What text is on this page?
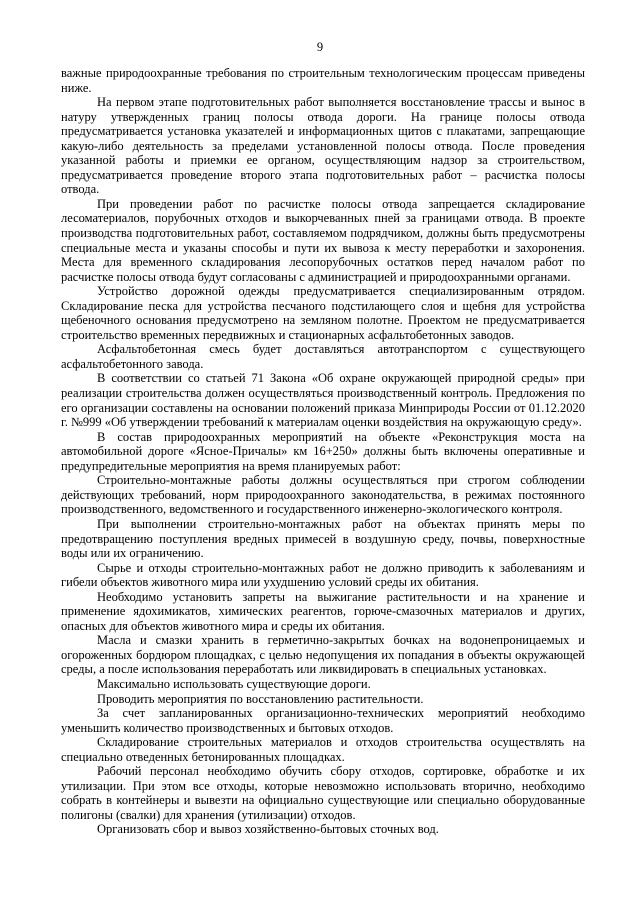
9

важные природоохранные требования по строительным технологическим процессам приведены ниже.

На первом этапе подготовительных работ выполняется восстановление трассы и вынос в натуру утвержденных границ полосы отвода дороги. На границе полосы отвода предусматривается установка указателей и информационных щитов с плакатами, запрещающие какую-либо деятельность за пределами установленной полосы отвода. После проведения указанной работы и приемки ее органом, осуществляющим надзор за строительством, предусматривается проведение второго этапа подготовительных работ – расчистка полосы отвода.

При проведении работ по расчистке полосы отвода запрещается складирование лесоматериалов, порубочных отходов и выкорчеванных пней за границами отвода. В проекте производства подготовительных работ, составляемом подрядчиком, должны быть предусмотрены специальные места и указаны способы и пути их вывоза к месту переработки и захоронения. Места для временного складирования лесопорубочных остатков перед началом работ по расчистке полосы отвода будут согласованы с администрацией и природоохранными органами.

Устройство дорожной одежды предусматривается специализированным отрядом. Складирование песка для устройства песчаного подстилающего слоя и щебня для устройства щебеночного основания предусмотрено на земляном полотне. Проектом не предусматривается строительство временных передвижных и стационарных асфальтобетонных заводов.

Асфальтобетонная смесь будет доставляться автотранспортом с существующего асфальтобетонного завода.

В соответствии со статьей 71 Закона «Об охране окружающей природной среды» при реализации строительства должен осуществляться производственный контроль. Предложения по его организации составлены на основании положений приказа Минприроды России от 01.12.2020 г. №999 «Об утверждении требований к материалам оценки воздействия на окружающую среду».

В состав природоохранных мероприятий на объекте «Реконструкция моста на автомобильной дороге «Ясное-Причалы» км 16+250» должны быть включены оперативные и предупредительные мероприятия на время планируемых работ:

Строительно-монтажные работы должны осуществляться при строгом соблюдении действующих требований, норм природоохранного законодательства, в режимах постоянного производственного, ведомственного и государственного инженерно-экологического контроля.

При выполнении строительно-монтажных работ на объектах принять меры по предотвращению поступления вредных примесей в воздушную среду, почвы, поверхностные воды или их ограничению.

Сырье и отходы строительно-монтажных работ не должно приводить к заболеваниям и гибели объектов животного мира или ухудшению условий среды их обитания.

Необходимо установить запреты на выжигание растительности и на хранение и применение ядохимикатов, химических реагентов, горюче-смазочных материалов и других, опасных для объектов животного мира и среды их обитания.

Масла и смазки хранить в герметично-закрытых бочках на водонепроницаемых и огороженных бордюром площадках, с целью недопущения их попадания в объекты окружающей среды, а после использования переработать или ликвидировать в специальных установках.

Максимально использовать существующие дороги.

Проводить мероприятия по восстановлению растительности.

За счет запланированных организационно-технических мероприятий необходимо уменьшить количество производственных и бытовых отходов.

Складирование строительных материалов и отходов строительства осуществлять на специально отведенных бетонированных площадках.

Рабочий персонал необходимо обучить сбору отходов, сортировке, обработке и их утилизации. При этом все отходы, которые невозможно использовать вторично, необходимо собрать в контейнеры и вывезти на официально существующие или специально оборудованные полигоны (свалки) для хранения (утилизации) отходов.

Организовать сбор и вывоз хозяйственно-бытовых сточных вод.
